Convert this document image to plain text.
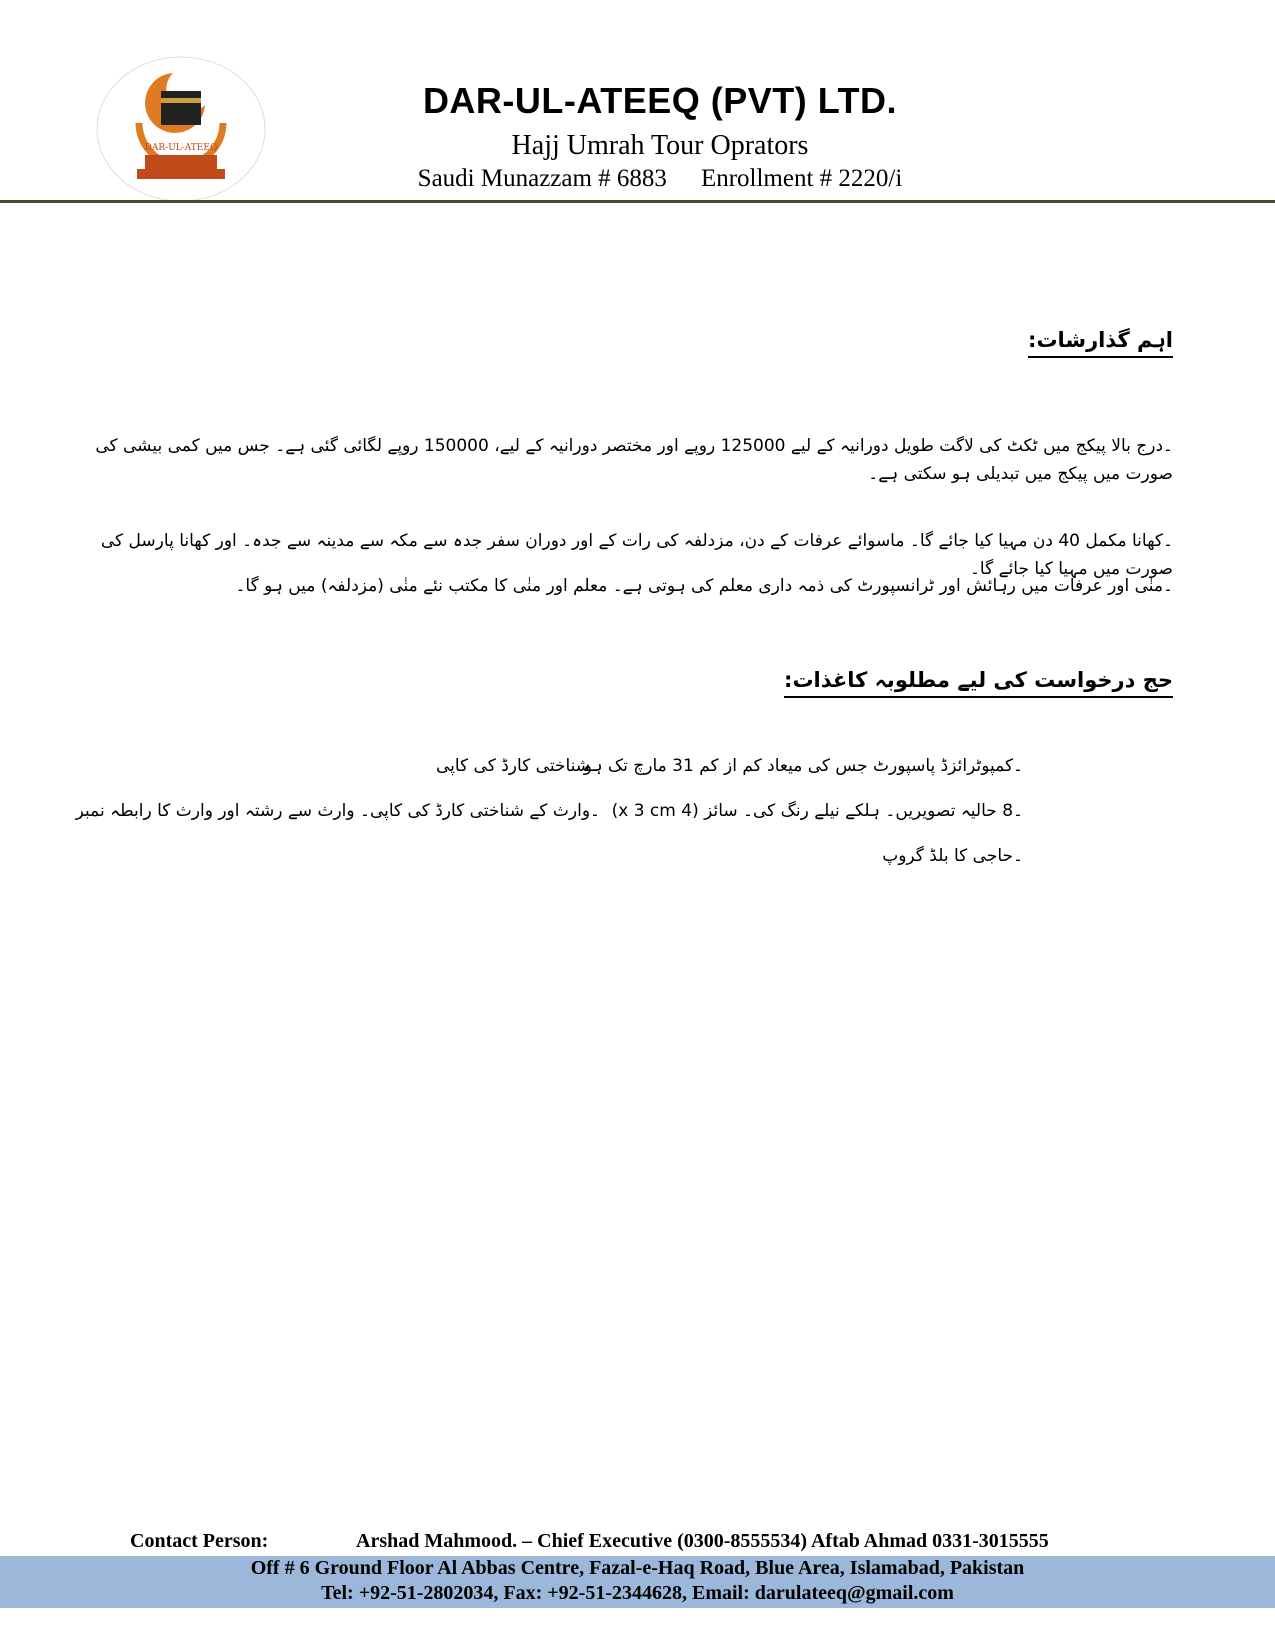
DAR-UL-ATEEQ
DAR-UL-ATEEQ (PVT) LTD.
Hajj Umrah Tour Oprators
Saudi Munazzam # 6883 Enrollment # 2220/i
اہم گذارشات:
۔درج بالا پیکج میں ٹکٹ کی لاگت طویل دورانیہ کے لیے 125000 روپے اور مختصر دورانیہ کے لیے، 150000 روپے لگائی گئی ہے۔ جس میں کمی بیشی کی صورت میں پیکج میں تبدیلی ہو سکتی ہے۔
۔کھانا مکمل 40 دن مہیا کیا جائے گا۔ ماسوائے عرفات کے دن، مزدلفہ کی رات کے اور دوران سفر جدہ سے مکہ سے مدینہ سے جدہ۔ اور کھانا پارسل کی صورت میں مہیا کیا جائے گا۔
۔منٰی اور عرفات میں رہائش اور ٹرانسپورٹ کی ذمہ داری معلم کی ہوتی ہے۔ معلم اور منٰی کا مکتب نئے منٰی (مزدلفہ) میں ہو گا۔
حج درخواست کی لیے مطلوبہ کاغذات:
۔کمپوٹرائزڈ پاسپورٹ جس کی میعاد کم از کم 31 مارچ تک ہو
۔8 حالیہ تصویریں۔ ہلکے نیلے رنگ کی۔ سائز (4 x 3 cm)
۔حاجی کا بلڈ گروپ
۔شناختی کارڈ کی کاپی
۔وارث کے شناختی کارڈ کی کاپی۔ وارث سے رشتہ اور وارث کا رابطہ نمبر
Contact Person:	Arshad Mahmood. – Chief Executive (0300-8555534) Aftab Ahmad 0331-3015555
Off # 6 Ground Floor Al Abbas Centre, Fazal-e-Haq Road, Blue Area, Islamabad, Pakistan
Tel: +92-51-2802034, Fax: +92-51-2344628, Email: darulateeq@gmail.com
